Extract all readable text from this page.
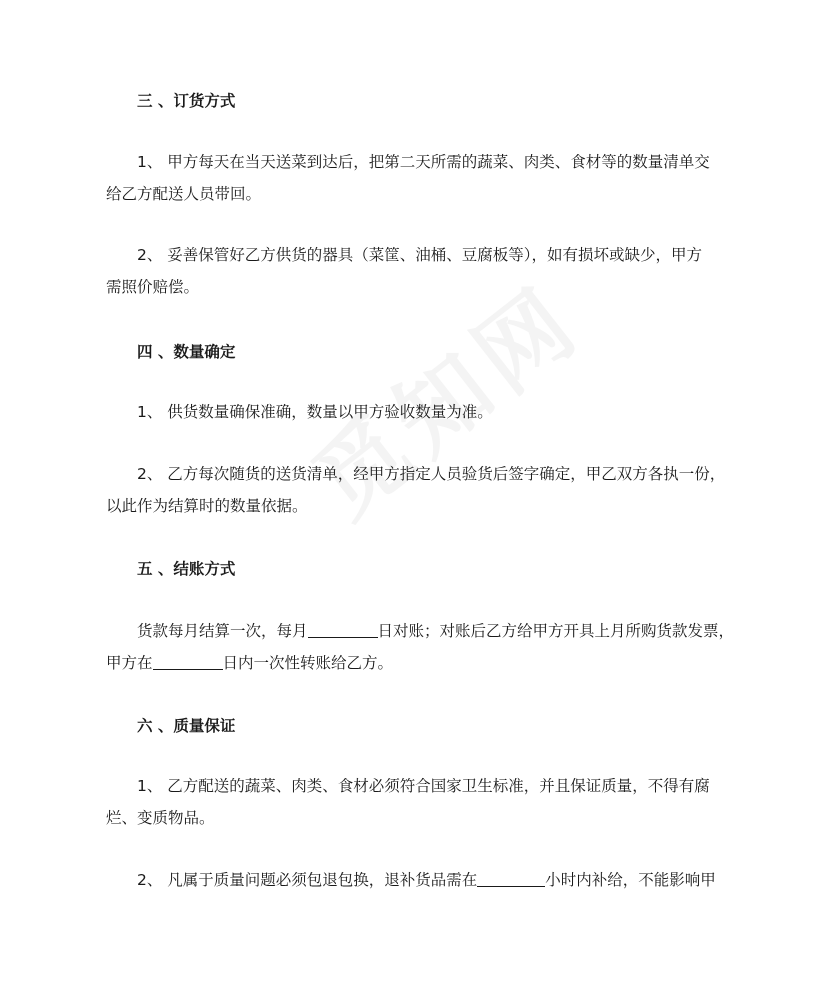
三 、订货方式
1、 甲方每天在当天送菜到达后，把第二天所需的蔬菜、肉类、食材等的数量清单交
给乙方配送人员带回。
2、 妥善保管好乙方供货的器具（菜筐、油桶、豆腐板等），如有损坏或缺少，甲方
需照价赔偿。
四 、数量确定
1、 供货数量确保准确，数量以甲方验收数量为准。
2、 乙方每次随货的送货清单，经甲方指定人员验货后签字确定，甲乙双方各执一份，
以此作为结算时的数量依据。
五 、结账方式
货款每月结算一次，每月	日对账；对账后乙方给甲方开具上月所购货款发票，
甲方在	日内一次性转账给乙方。
六 、质量保证
1、 乙方配送的蔬菜、肉类、食材必须符合国家卫生标准，并且保证质量，不得有腐
烂、变质物品。
2、 凡属于质量问题必须包退包换，退补货品需在	小时内补给，不能影响甲
